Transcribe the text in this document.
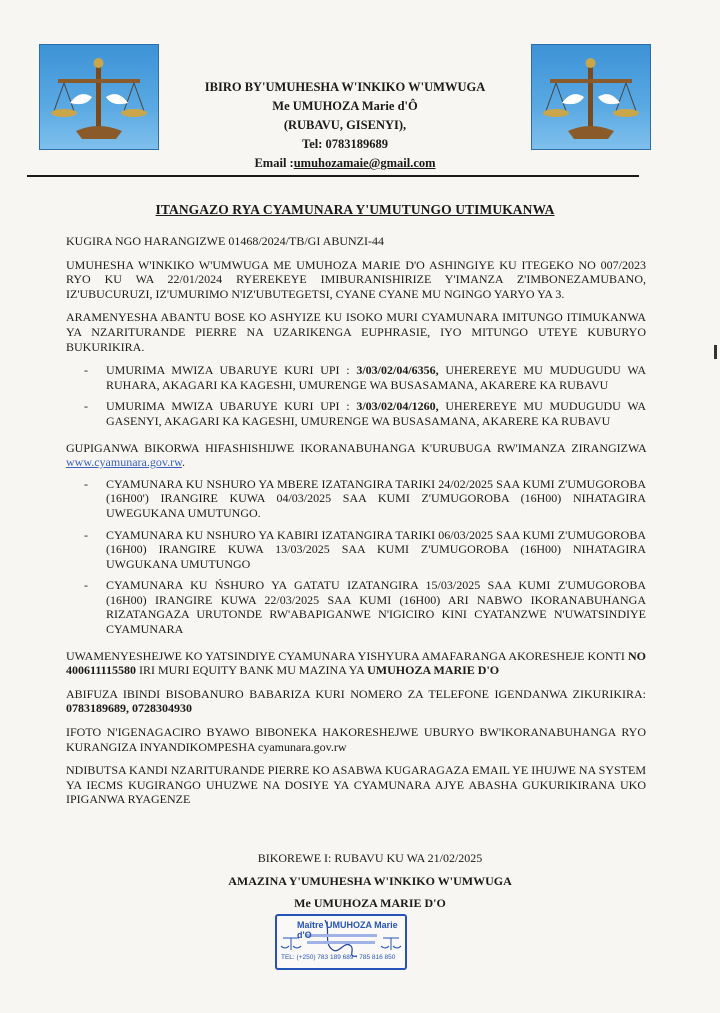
IBIRO BY'UMUHESHA W'INKIKO W'UMWUGA
Me UMUHOZA Marie d'Ô
(RUBAVU, GISENYI),
Tel: 0783189689
Email :umuhozamaie@gmail.com
ITANGAZO RYA CYAMUNARA Y'UMUTUNGO UTIMUKANWA

KUGIRA NGO HARANGIZWE 01468/2024/TB/GI ABUNZI-44

UMUHESHA W'INKIKO W'UMWUGA ME UMUHOZA MARIE D'O ASHINGIYE KU ITEGEKO NO 007/2023 RYO KU WA 22/01/2024 RYEREKEYE IMIBURANISHIRIZE Y'IMANZA Z'IMBONEZAMUBANO, IZ'UBUCURUZI, IZ'UMURIMO N'IZ'UBUTEGETSI, CYANE CYANE MU NGINGO YARYO YA 3.

ARAMENYESHA ABANTU BOSE KO ASHYIZE KU ISOKO MURI CYAMUNARA IMITUNGO ITIMUKANWA YA NZARITURANDE PIERRE NA UZARIKENGA EUPHRASIE, IYO MITUNGO UTEYE KUBURYO BUKURIKIRA.

- UMURIMA MWIZA UBARUYE KURI UPI : 3/03/02/04/6356, UHEREREYE MU MUDUGUDU WA RUHARA, AKAGARI KA KAGESHI, UMURENGE WA BUSASAMANA, AKARERE KA RUBAVU
- UMURIMA MWIZA UBARUYE KURI UPI : 3/03/02/04/1260, UHEREREYE MU MUDUGUDU WA GASENYI, AKAGARI KA KAGESHI, UMURENGE WA BUSASAMANA, AKARERE KA RUBAVU

GUPIGANWA BIKORWA HIFASHISHIJWE IKORANABUHANGA K'URUBUGA RW'IMANZA ZIRANGIZWA www.cyamunara.gov.rw.

- CYAMUNARA KU NSHURO YA MBERE IZATANGIRA TARIKI 24/02/2025 SAA KUMI Z'UMUGOROBA (16H00') IRANGIRE KUWA 04/03/2025 SAA KUMI Z'UMUGOROBA (16H00) NIHATAGIRA UWEGUKANA UMUTUNGO.
- CYAMUNARA KU NSHURO YA KABIRI IZATANGIRA TARIKI 06/03/2025 SAA KUMI Z'UMUGOROBA (16H00) IRANGIRE KUWA 13/03/2025 SAA KUMI Z'UMUGOROBA (16H00) NIHATAGIRA UWGUKANA UMUTUNGO
- CYAMUNARA KU ŃSHURO YA GATATU IZATANGIRA 15/03/2025 SAA KUMI Z'UMUGOROBA (16H00) IRANGIRE KUWA 22/03/2025 SAA KUMI (16H00) ARI NABWO IKORANABUHANGA RIZATANGAZA URUTONDE RW'ABAPIGANWE N'IGICIRO KINI CYATANZWE N'UWATSINDIYE CYAMUNARA

UWAMENYESHEJWE KO YATSINDIYE CYAMUNARA YISHYURA AMAFARANGA AKORESHEJE KONTI NO 400611115580 IRI MURI EQUITY BANK MU MAZINA YA UMUHOZA MARIE D'O

ABIFUZA IBINDI BISOBANURO BABARIZA KURI NOMERO ZA TELEFONE IGENDANWA ZIKURIKIRA: 0783189689, 0728304930

IFOTO N'IGENAGACIRO BYAWO BIBONEKA HAKORESHEJWE UBURYO BW'IKORANABUHANGA RYO KURANGIZA INYANDIKOMPESHA cyamunara.gov.rw

NDIBUTSA KANDI NZARITURANDE PIERRE KO ASABWA KUGARAGAZA EMAIL YE IHUJWE NA SYSTEM YA IECMS KUGIRANGO UHUZWE NA DOSIYE YA CYAMUNARA AJYE ABASHA GUKURIKIRANA UKO IPIGANWA RYAGENZE

BIKOREWE I: RUBAVU KU WA 21/02/2025
AMAZINA Y'UMUHESHA W'INKIKO W'UMWUGA
Me UMUHOZA MARIE D'O
Maître UMUHOZA Marie d'O
TEL: (+250) 783 189 689 · 785 816 850
